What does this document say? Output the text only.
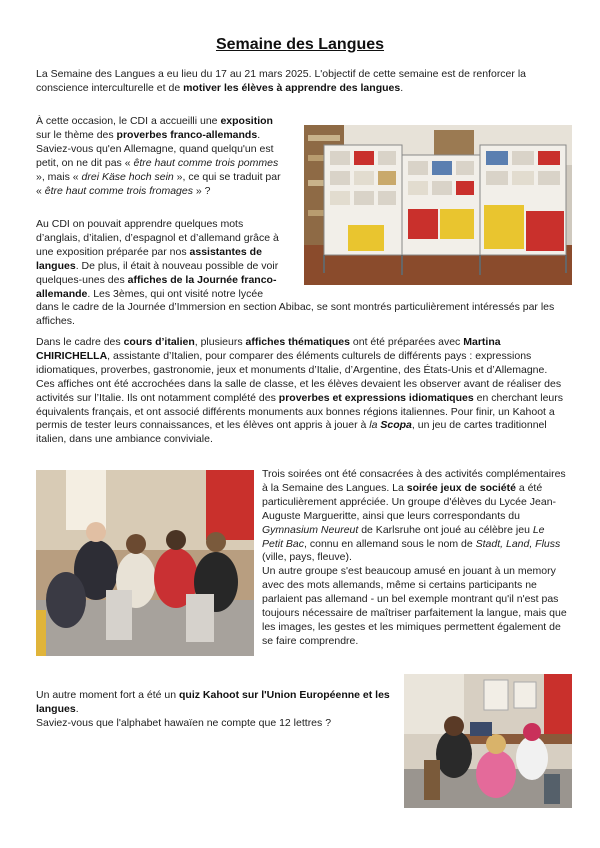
Semaine des Langues

La Semaine des Langues a eu lieu du 17 au 21 mars 2025. L'objectif de cette semaine est de renforcer la conscience interculturelle et de motiver les élèves à apprendre des langues.

À cette occasion, le CDI a accueilli une exposition sur le thème des proverbes franco-allemands. Saviez-vous qu'en Allemagne, quand quelqu'un est petit, on ne dit pas « être haut comme trois pommes », mais « drei Käse hoch sein », ce qui se traduit par « être haut comme trois fromages » ?

Au CDI on pouvait apprendre quelques mots d’anglais, d’italien, d’espagnol et d’allemand grâce à une exposition préparée par nos assistantes de langues. De plus, il était à nouveau possible de voir quelques-unes des affiches de la Journée franco-allemande. Les 3èmes, qui ont visité notre lycée dans le cadre de la Journée d’Immersion en section Abibac, se sont montrés particulièrement intéressés par les affiches.

Dans le cadre des cours d’italien, plusieurs affiches thématiques ont été préparées avec Martina CHIRICHELLA, assistante d’Italien, pour comparer des éléments culturels de différents pays : expressions idiomatiques, proverbes, gastronomie, jeux et monuments d’Italie, d’Argentine, des États-Unis et d’Allemagne. Ces affiches ont été accrochées dans la salle de classe, et les élèves devaient les observer avant de réaliser des activités sur l’Italie. Ils ont notamment complété des proverbes et expressions idiomatiques en cherchant leurs équivalents français, et ont associé différents monuments aux bonnes régions italiennes. Pour finir, un Kahoot a permis de tester leurs connaissances, et les élèves ont appris à jouer à la Scopa, un jeu de cartes traditionnel italien, dans une ambiance conviviale.

Trois soirées ont été consacrées à des activités complémentaires à la Semaine des Langues. La soirée jeux de société a été particulièrement appréciée. Un groupe d'élèves du Lycée Jean-Auguste Margueritte, ainsi que leurs correspondants du Gymnasium Neureut de Karlsruhe ont joué au célèbre jeu Le Petit Bac, connu en allemand sous le nom de Stadt, Land, Fluss (ville, pays, fleuve).

Un autre groupe s'est beaucoup amusé en jouant à un memory avec des mots allemands, même si certains participants ne parlaient pas allemand - un bel exemple montrant qu'il n'est pas toujours nécessaire de maîtriser parfaitement la langue, mais que les images, les gestes et les mimiques permettent également de se faire comprendre.

Un autre moment fort a été un quiz Kahoot sur l'Union Européenne et les langues.

Saviez-vous que l'alphabet hawaïen ne compte que 12 lettres ?
